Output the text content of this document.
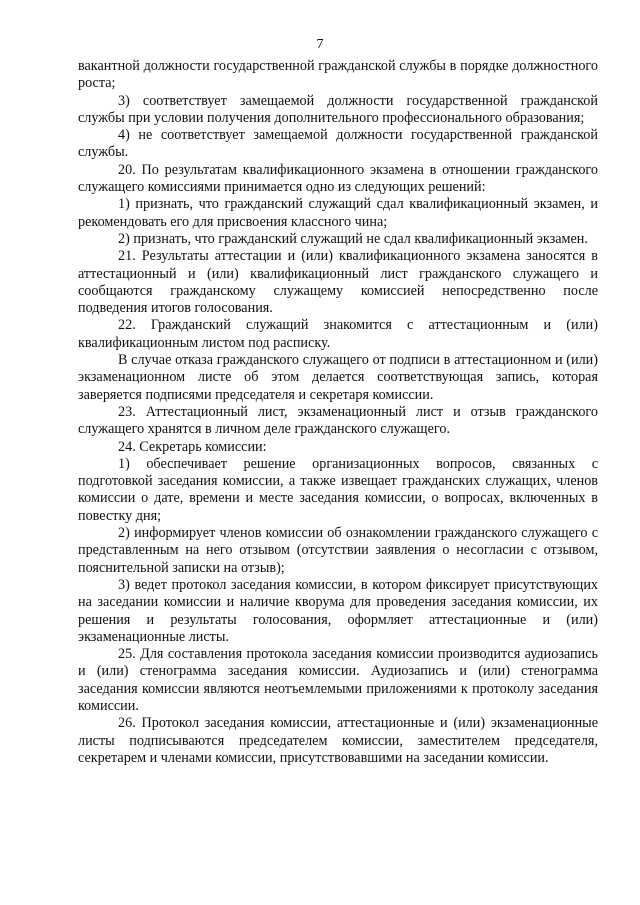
7

вакантной должности государственной гражданской службы в порядке должностного роста;

3) соответствует замещаемой должности государственной гражданской службы при условии получения дополнительного профессионального образования;

4) не соответствует замещаемой должности государственной гражданской службы.

20. По результатам квалификационного экзамена в отношении гражданского служащего комиссиями принимается одно из следующих решений:

1) признать, что гражданский служащий сдал квалификационный экзамен, и рекомендовать его для присвоения классного чина;

2) признать, что гражданский служащий не сдал квалификационный экзамен.

21. Результаты аттестации и (или) квалификационного экзамена заносятся в аттестационный и (или) квалификационный лист гражданского служащего и сообщаются гражданскому служащему комиссией непосредственно после подведения итогов голосования.

22. Гражданский служащий знакомится с аттестационным и (или) квалификационным листом под расписку.

В случае отказа гражданского служащего от подписи в аттестационном и (или) экзаменационном листе об этом делается соответствующая запись, которая заверяется подписями председателя и секретаря комиссии.

23. Аттестационный лист, экзаменационный лист и отзыв гражданского служащего хранятся в личном деле гражданского служащего.

24. Секретарь комиссии:

1) обеспечивает решение организационных вопросов, связанных с подготовкой заседания комиссии, а также извещает гражданских служащих, членов комиссии о дате, времени и месте заседания комиссии, о вопросах, включенных в повестку дня;

2) информирует членов комиссии об ознакомлении гражданского служащего с представленным на него отзывом (отсутствии заявления о несогласии с отзывом, пояснительной записки на отзыв);

3) ведет протокол заседания комиссии, в котором фиксирует присутствующих на заседании комиссии и наличие кворума для проведения заседания комиссии, их решения и результаты голосования, оформляет аттестационные и (или) экзаменационные листы.

25. Для составления протокола заседания комиссии производится аудиозапись и (или) стенограмма заседания комиссии. Аудиозапись и (или) стенограмма заседания комиссии являются неотъемлемыми приложениями к протоколу заседания комиссии.

26. Протокол заседания комиссии, аттестационные и (или) экзаменационные листы подписываются председателем комиссии, заместителем председателя, секретарем и членами комиссии, присутствовавшими на заседании комиссии.
